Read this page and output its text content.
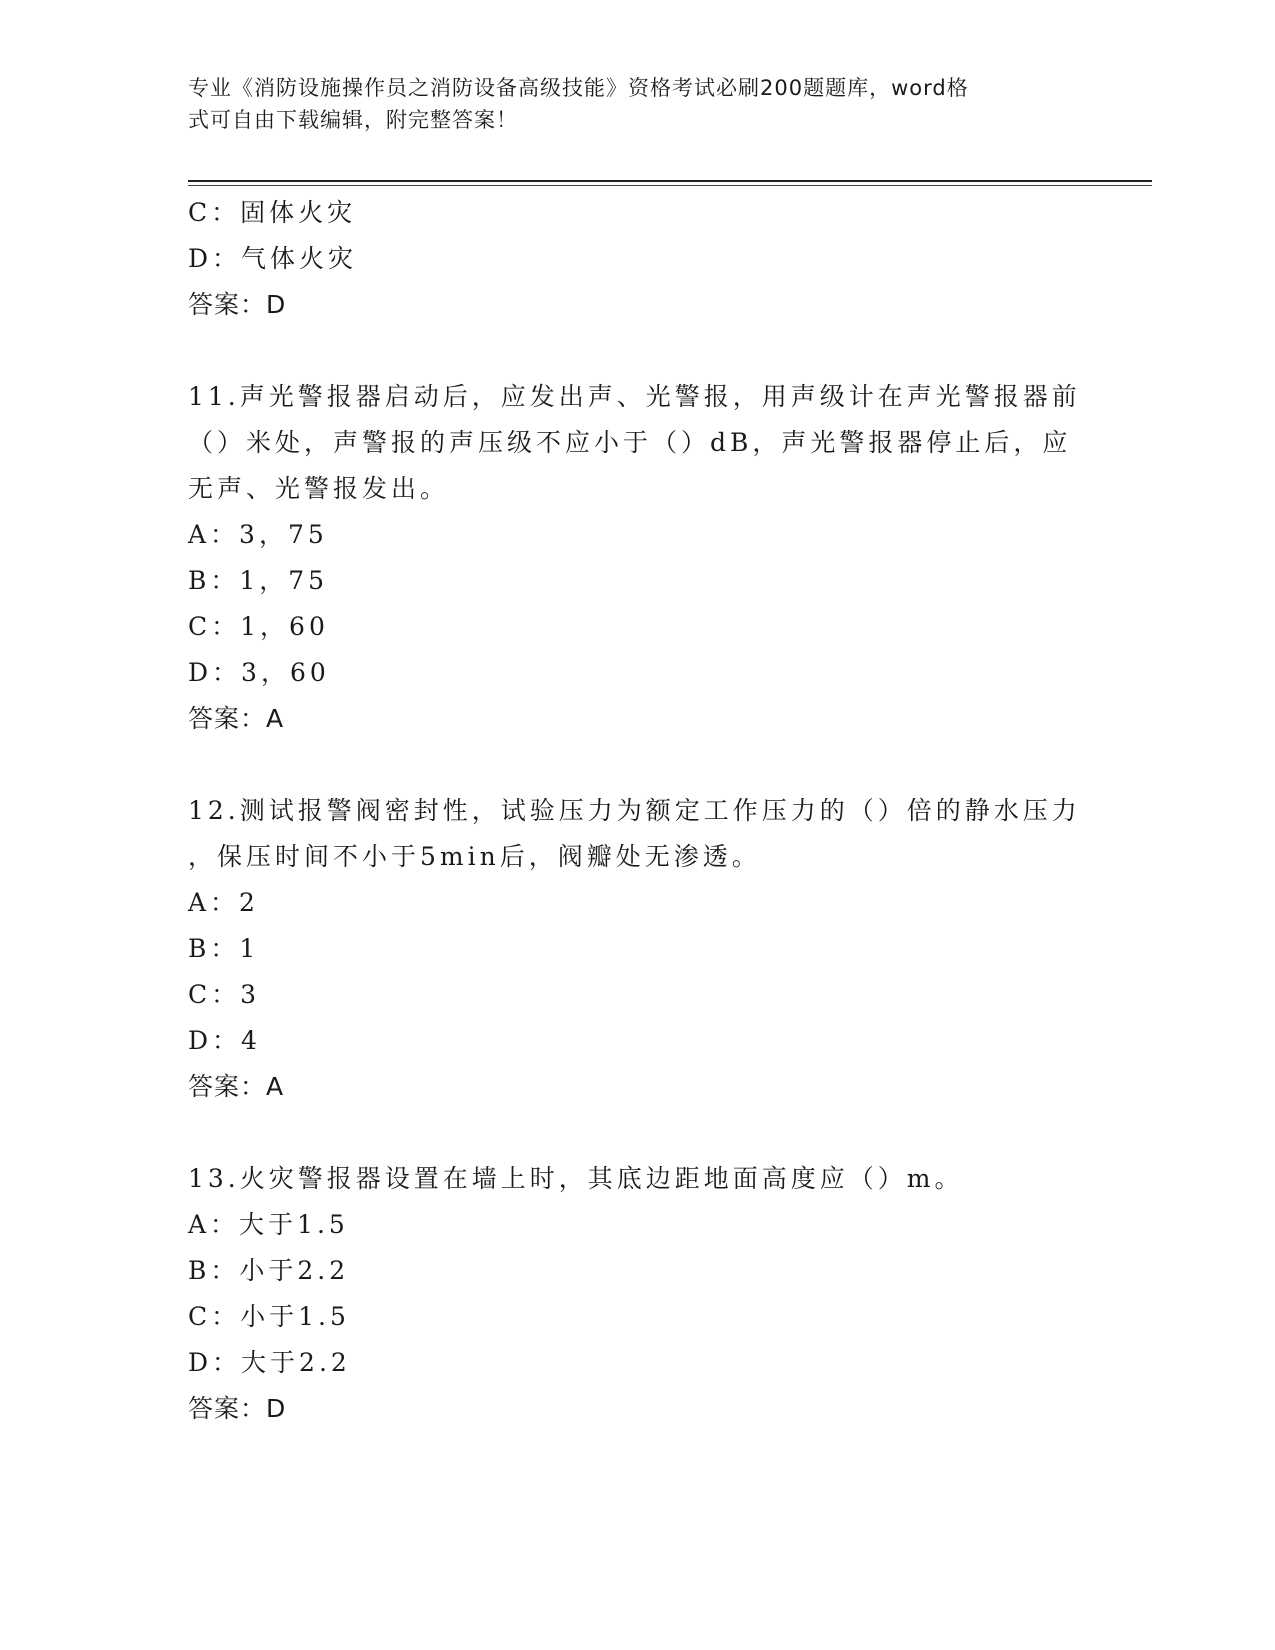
专业《消防设施操作员之消防设备高级技能》资格考试必刷200题题库，word格
式可自由下载编辑，附完整答案！
C：固体火灾
D：气体火灾
答案：D
11.声光警报器启动后，应发出声、光警报，用声级计在声光警报器前
（）米处，声警报的声压级不应小于（）dB，声光警报器停止后，应
无声、光警报发出。
A：3，75
B：1，75
C：1，60
D：3，60
答案：A
12.测试报警阀密封性，试验压力为额定工作压力的（）倍的静水压力
，保压时间不小于5min后，阀瓣处无渗透。
A：2
B：1
C：3
D：4
答案：A
13.火灾警报器设置在墙上时，其底边距地面高度应（）m。
A：大于1.5
B：小于2.2
C：小于1.5
D：大于2.2
答案：D
